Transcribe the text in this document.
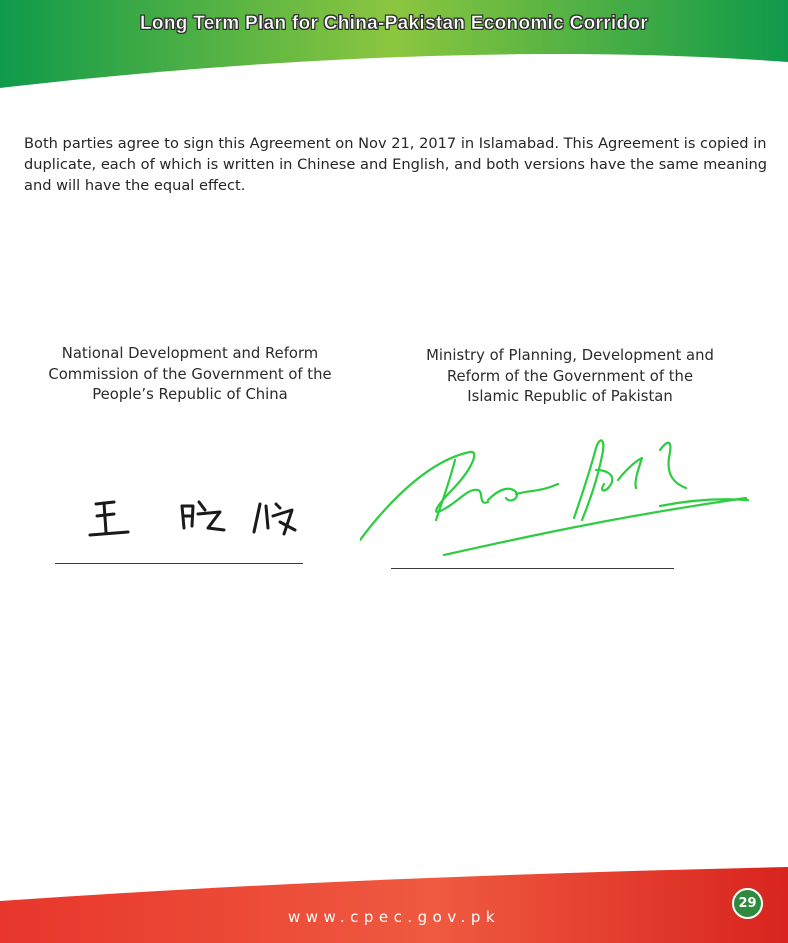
Long Term Plan for China-Pakistan Economic Corridor
Both parties agree to sign this Agreement on Nov 21, 2017 in Islamabad. This Agreement is copied in duplicate, each of which is written in Chinese and English, and both versions have the same meaning and will have the equal effect.
National Development and Reform
Commission of the Government of the
People’s Republic of China
Ministry of Planning, Development and
Reform of the Government of the
Islamic Republic of Pakistan
www.cpec.gov.pk
29
